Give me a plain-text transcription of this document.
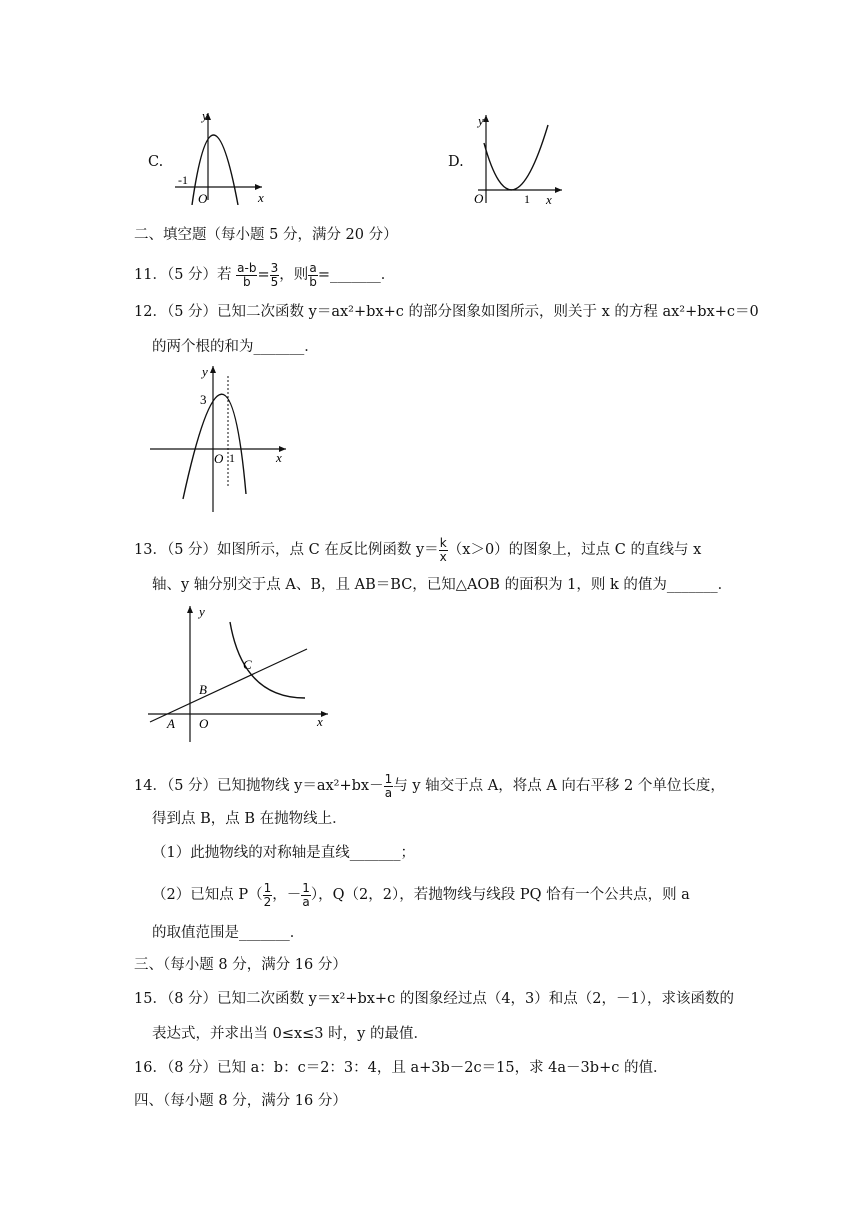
C.
y
x
O
-1
D.
y
x
O	1
二、填空题（每小题 5 分，满分 20 分）
11．（5 分）若 $\frac{a-b}{b} = \frac{3}{5}$ ，则 $\frac{a}{b}$ =_______．
12．（5 分）已知二次函数 y＝ax²+bx+c 的部分图象如图所示，则关于 x 的方程 ax²+bx+c＝0
的两个根的和为_______．
y
x
O 1
3
13．（5 分）如图所示，点 C 在反比例函数 $y= \frac{k}{x} (x>0)$的图象上，过点 C 的直线与 x
轴、y 轴分别交于点 A、B，且 AB＝BC，已知△AOB 的面积为 1，则 k 的值为_______．
y
x
O
A
B
C
14．（5 分）已知抛物线 $y=ax^2+bx- \frac{1}{a}$ 与 y 轴交于点 A，将点 A 向右平移 2 个单位长度，
得到点 B，点 B 在抛物线上．
（1）此抛物线的对称轴是直线_______；
（2）已知点 $P( \frac{1}{2}$ ，－ $\frac{1}{a}$ ），Q（2，2），若抛物线与线段 PQ 恰有一个公共点，则 a
的取值范围是_______．
三、（每小题 8 分，满分 16 分）
15．（8 分）已知二次函数 y＝x²+bx+c 的图象经过点（4，3）和点（2，－1），求该函数的
表达式，并求出当 0≤x≤3 时，y 的最值．
16．（8 分）已知 a：b：c＝2：3：4，且 a+3b－2c＝15，求 4a－3b+c 的值．
四、（每小题 8 分，满分 16 分）
